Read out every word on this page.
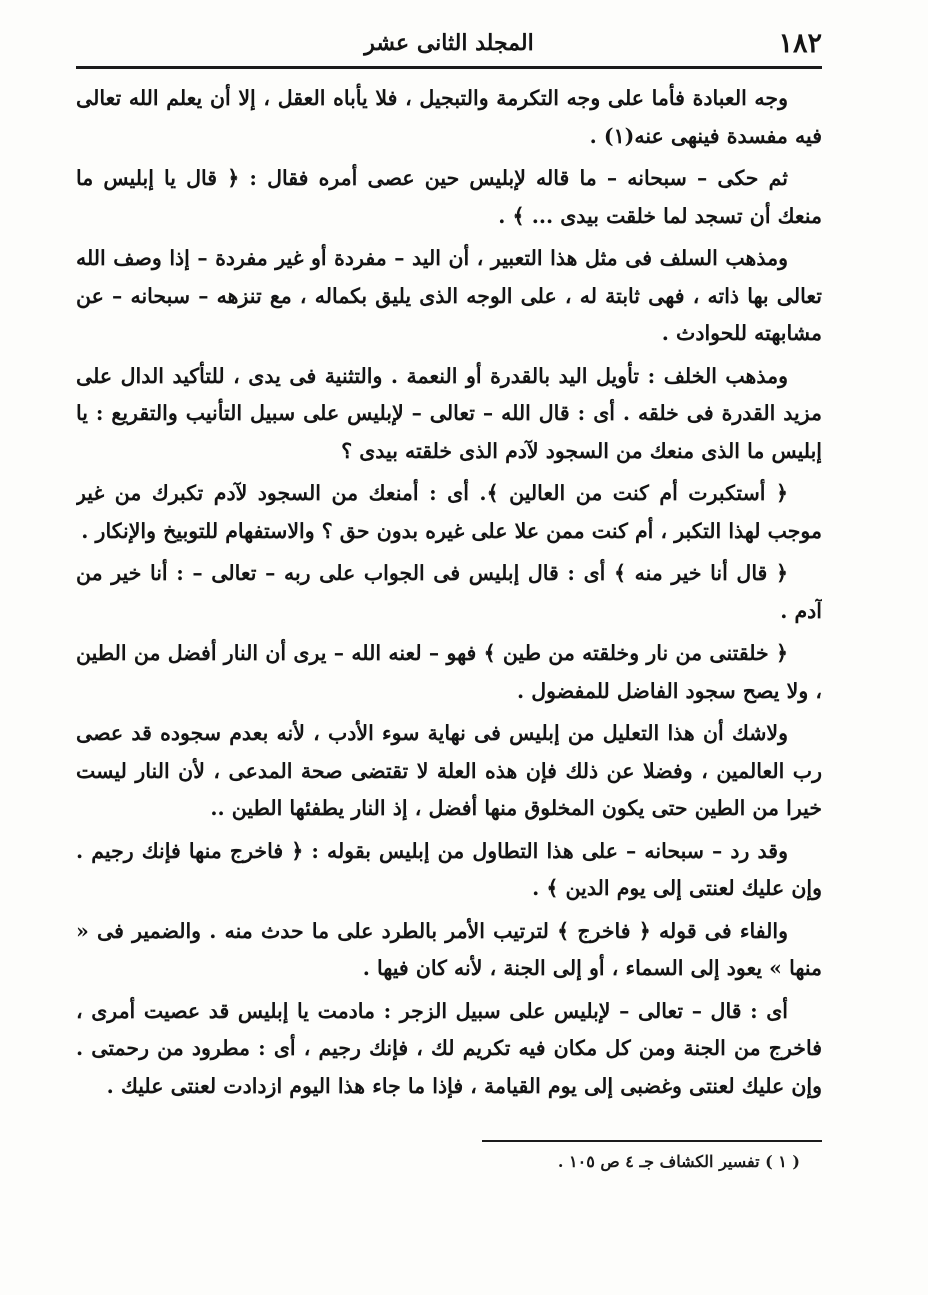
١٨٢
المجلد الثانى عشر

وجه العبادة فأما على وجه التكرمة والتبجيل ، فلا يأباه العقل ، إلا أن يعلم الله تعالى فيه مفسدة فينهى عنه(١) .

ثم حكى – سبحانه – ما قاله لإبليس حين عصى أمره فقال : ﴿ قال يا إبليس ما منعك أن تسجد لما خلقت بيدى ... ﴾ .

ومذهب السلف فى مثل هذا التعبير ، أن اليد – مفردة أو غير مفردة – إذا وصف الله تعالى بها ذاته ، فهى ثابتة له ، على الوجه الذى يليق بكماله ، مع تنزهه – سبحانه – عن مشابهته للحوادث .

ومذهب الخلف : تأويل اليد بالقدرة أو النعمة . والتثنية فى يدى ، للتأكيد الدال على مزيد القدرة فى خلقه . أى : قال الله – تعالى – لإبليس على سبيل التأنيب والتقريع : يا إبليس ما الذى منعك من السجود لآدم الذى خلقته بيدى ؟

﴿ أستكبرت أم كنت من العالين ﴾. أى : أمنعك من السجود لآدم تكبرك من غير موجب لهذا التكبر ، أم كنت ممن علا على غيره بدون حق ؟ والاستفهام للتوبيخ والإنكار .

﴿ قال أنا خير منه ﴾ أى : قال إبليس فى الجواب على ربه – تعالى – : أنا خير من آدم .

﴿ خلقتنى من نار وخلقته من طين ﴾ فهو – لعنه الله – يرى أن النار أفضل من الطين ، ولا يصح سجود الفاضل للمفضول .

ولاشك أن هذا التعليل من إبليس فى نهاية سوء الأدب ، لأنه بعدم سجوده قد عصى رب العالمين ، وفضلا عن ذلك فإن هذه العلة لا تقتضى صحة المدعى ، لأن النار ليست خيرا من الطين حتى يكون المخلوق منها أفضل ، إذ النار يطفئها الطين ..

وقد رد – سبحانه – على هذا التطاول من إبليس بقوله : ﴿ فاخرج منها فإنك رجيم . وإن عليك لعنتى إلى يوم الدين ﴾ .

والفاء فى قوله ﴿ فاخرج ﴾ لترتيب الأمر بالطرد على ما حدث منه . والضمير فى « منها » يعود إلى السماء ، أو إلى الجنة ، لأنه كان فيها .

أى : قال – تعالى – لإبليس على سبيل الزجر : مادمت يا إبليس قد عصيت أمرى ، فاخرج من الجنة ومن كل مكان فيه تكريم لك ، فإنك رجيم ، أى : مطرود من رحمتى . وإن عليك لعنتى وغضبى إلى يوم القيامة ، فإذا ما جاء هذا اليوم ازدادت لعنتى عليك .

( ١ ) تفسير الكشاف جـ ٤ ص ١٠٥ .
